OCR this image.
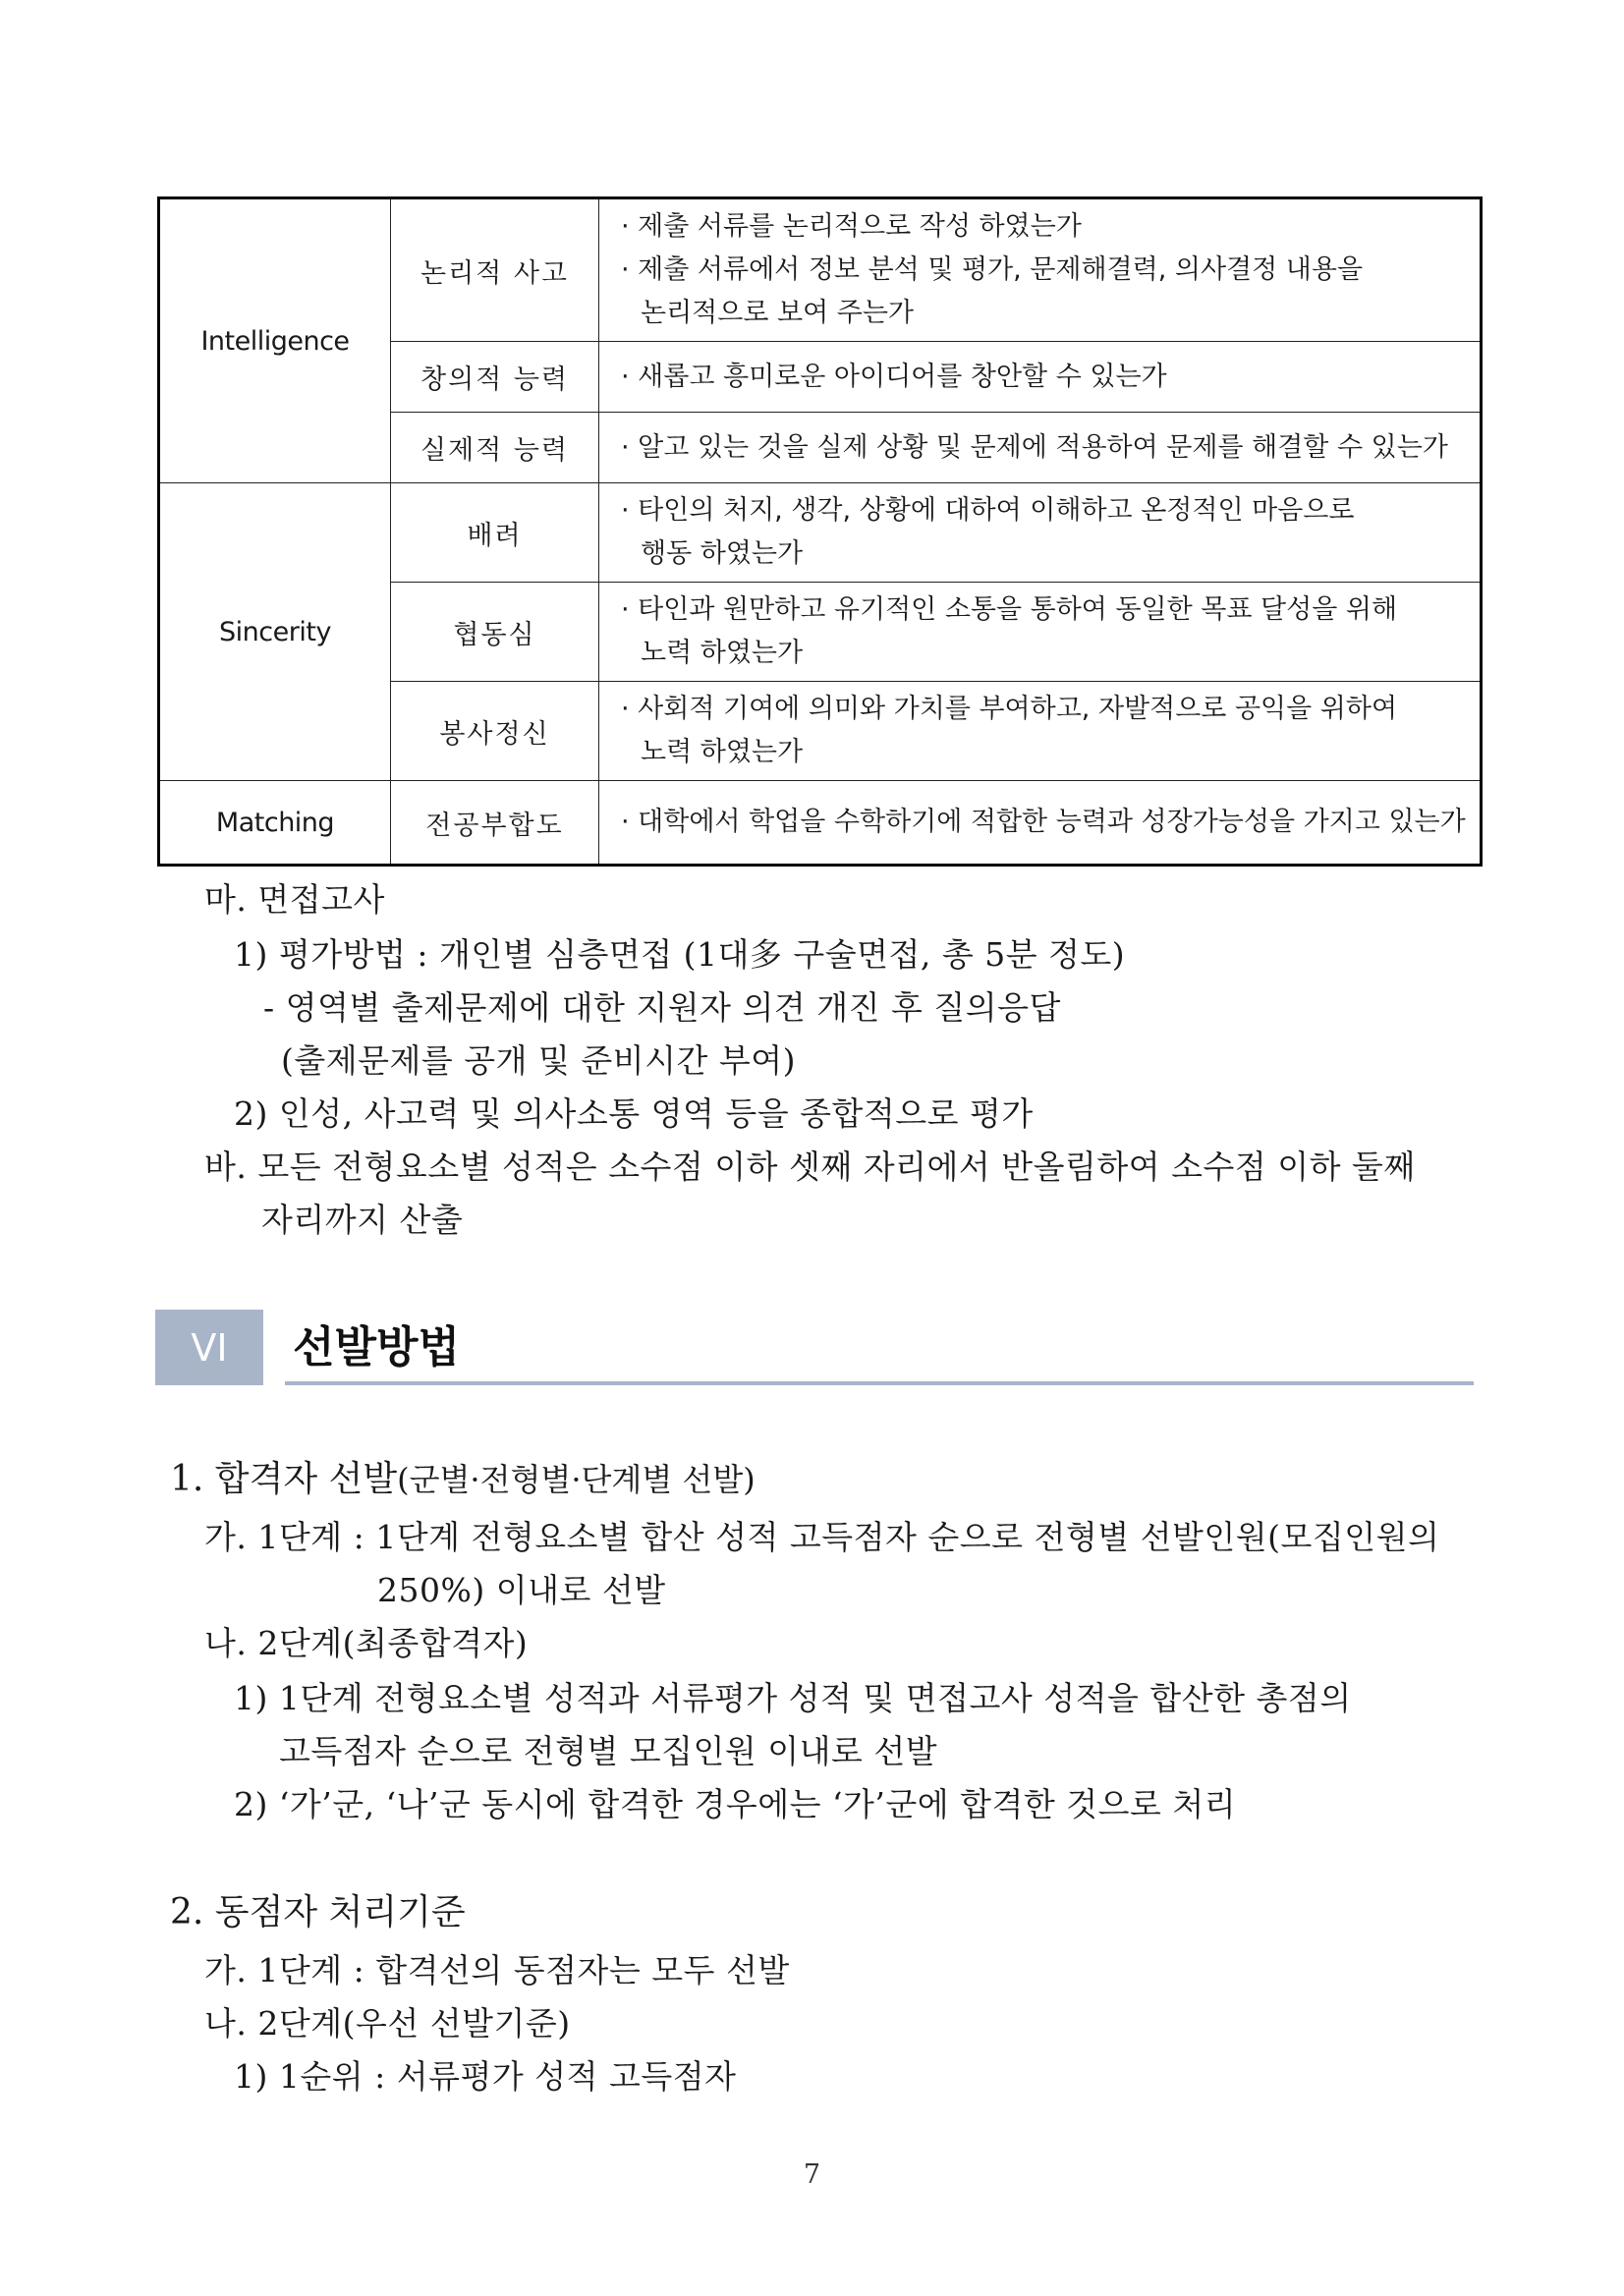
Intelligence	논리적 사고	· 제출 서류를 논리적으로 작성 하였는가
· 제출 서류에서 정보 분석 및 평가, 문제해결력, 의사결정 내용을
논리적으로 보여 주는가

	창의적 능력	· 새롭고 흥미로운 아이디어를 창안할 수 있는가

	실제적 능력	· 알고 있는 것을 실제 상황 및 문제에 적용하여 문제를 해결할 수 있는가

Sincerity	배려	· 타인의 처지, 생각, 상황에 대하여 이해하고 온정적인 마음으로
행동 하였는가

	협동심	· 타인과 원만하고 유기적인 소통을 통하여 동일한 목표 달성을 위해
노력 하였는가

	봉사정신	· 사회적 기여에 의미와 가치를 부여하고, 자발적으로 공익을 위하여
노력 하였는가

Matching	전공부합도	· 대학에서 학업을 수학하기에 적합한 능력과 성장가능성을 가지고 있는가
마. 면접고사
1) 평가방법 : 개인별 심층면접 (1대多 구술면접, 총 5분 정도)
- 영역별 출제문제에 대한 지원자 의견 개진 후 질의응답
(출제문제를 공개 및 준비시간 부여)
2) 인성, 사고력 및 의사소통 영역 등을 종합적으로 평가
바. 모든 전형요소별 성적은 소수점 이하 셋째 자리에서 반올림하여 소수점 이하 둘째
자리까지 산출
VI	선발방법
1. 합격자 선발(군별·전형별·단계별 선발)
가. 1단계 : 1단계 전형요소별 합산 성적 고득점자 순으로 전형별 선발인원(모집인원의
250%) 이내로 선발
나. 2단계(최종합격자)
1) 1단계 전형요소별 성적과 서류평가 성적 및 면접고사 성적을 합산한 총점의
고득점자 순으로 전형별 모집인원 이내로 선발
2) ‘가’군, ‘나’군 동시에 합격한 경우에는 ‘가’군에 합격한 것으로 처리
2. 동점자 처리기준
가. 1단계 : 합격선의 동점자는 모두 선발
나. 2단계(우선 선발기준)
1) 1순위 : 서류평가 성적 고득점자
7
